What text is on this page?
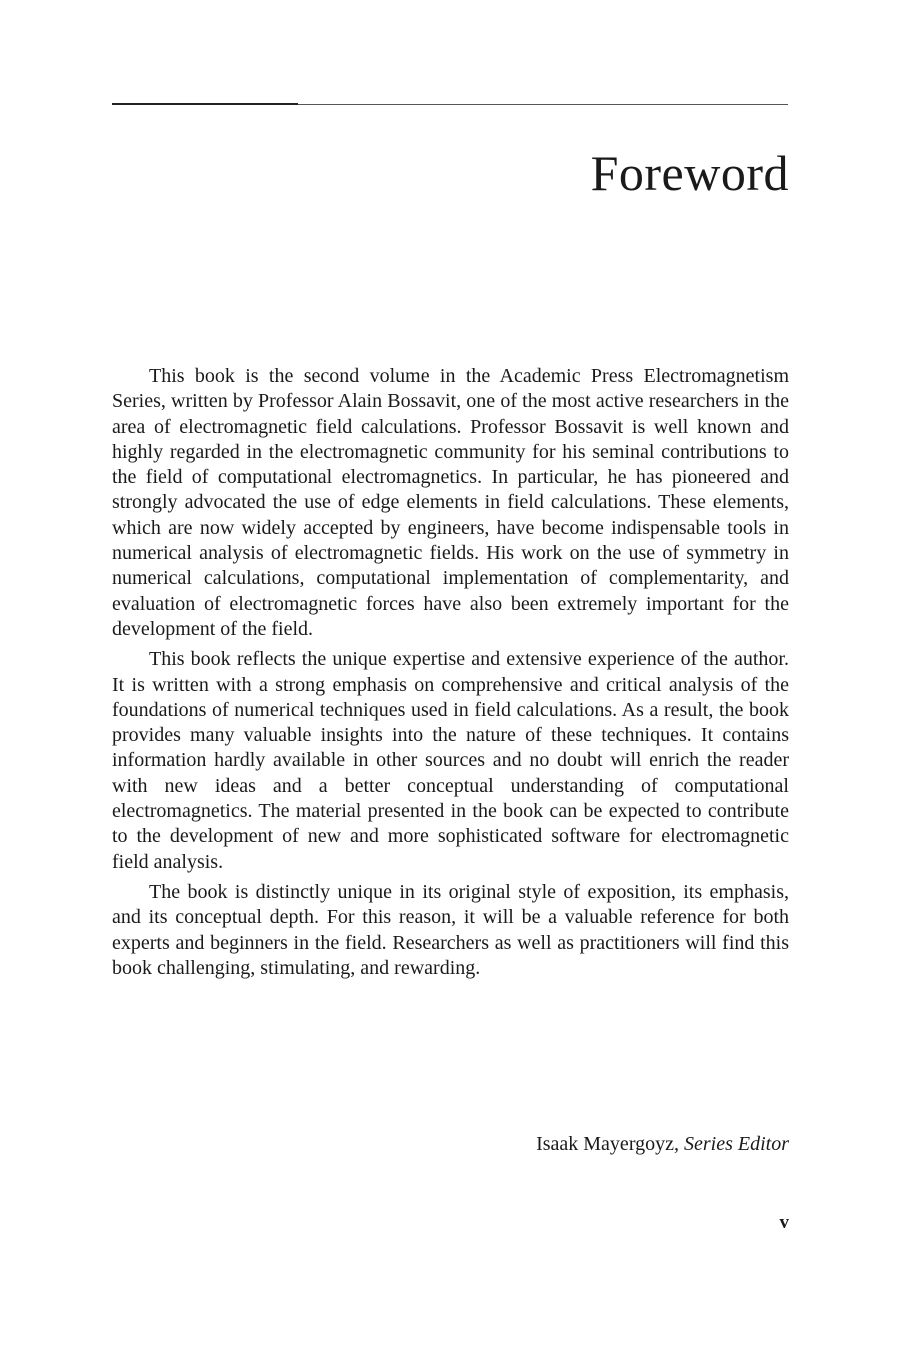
Foreword

This book is the second volume in the Academic Press Electromagnetism Series, written by Professor Alain Bossavit, one of the most active researchers in the area of electromagnetic field calculations. Professor Bossavit is well known and highly regarded in the electromagnetic community for his seminal contributions to the field of computational electromagnetics. In particular, he has pioneered and strongly advocated the use of edge elements in field calculations. These elements, which are now widely accepted by engineers, have become indispensable tools in numerical analysis of electromagnetic fields. His work on the use of symmetry in numerical calculations, computational implementation of complementarity, and evaluation of electromagnetic forces have also been extremely important for the development of the field.

This book reflects the unique expertise and extensive experience of the author. It is written with a strong emphasis on comprehensive and critical analysis of the foundations of numerical techniques used in field calculations. As a result, the book provides many valuable insights into the nature of these techniques. It contains information hardly available in other sources and no doubt will enrich the reader with new ideas and a better conceptual understanding of computational electromagnetics. The material presented in the book can be expected to contribute to the development of new and more sophisticated software for electromagnetic field analysis.

The book is distinctly unique in its original style of exposition, its emphasis, and its conceptual depth. For this reason, it will be a valuable reference for both experts and beginners in the field. Researchers as well as practitioners will find this book challenging, stimulating, and rewarding.

Isaak Mayergoyz, Series Editor
v
